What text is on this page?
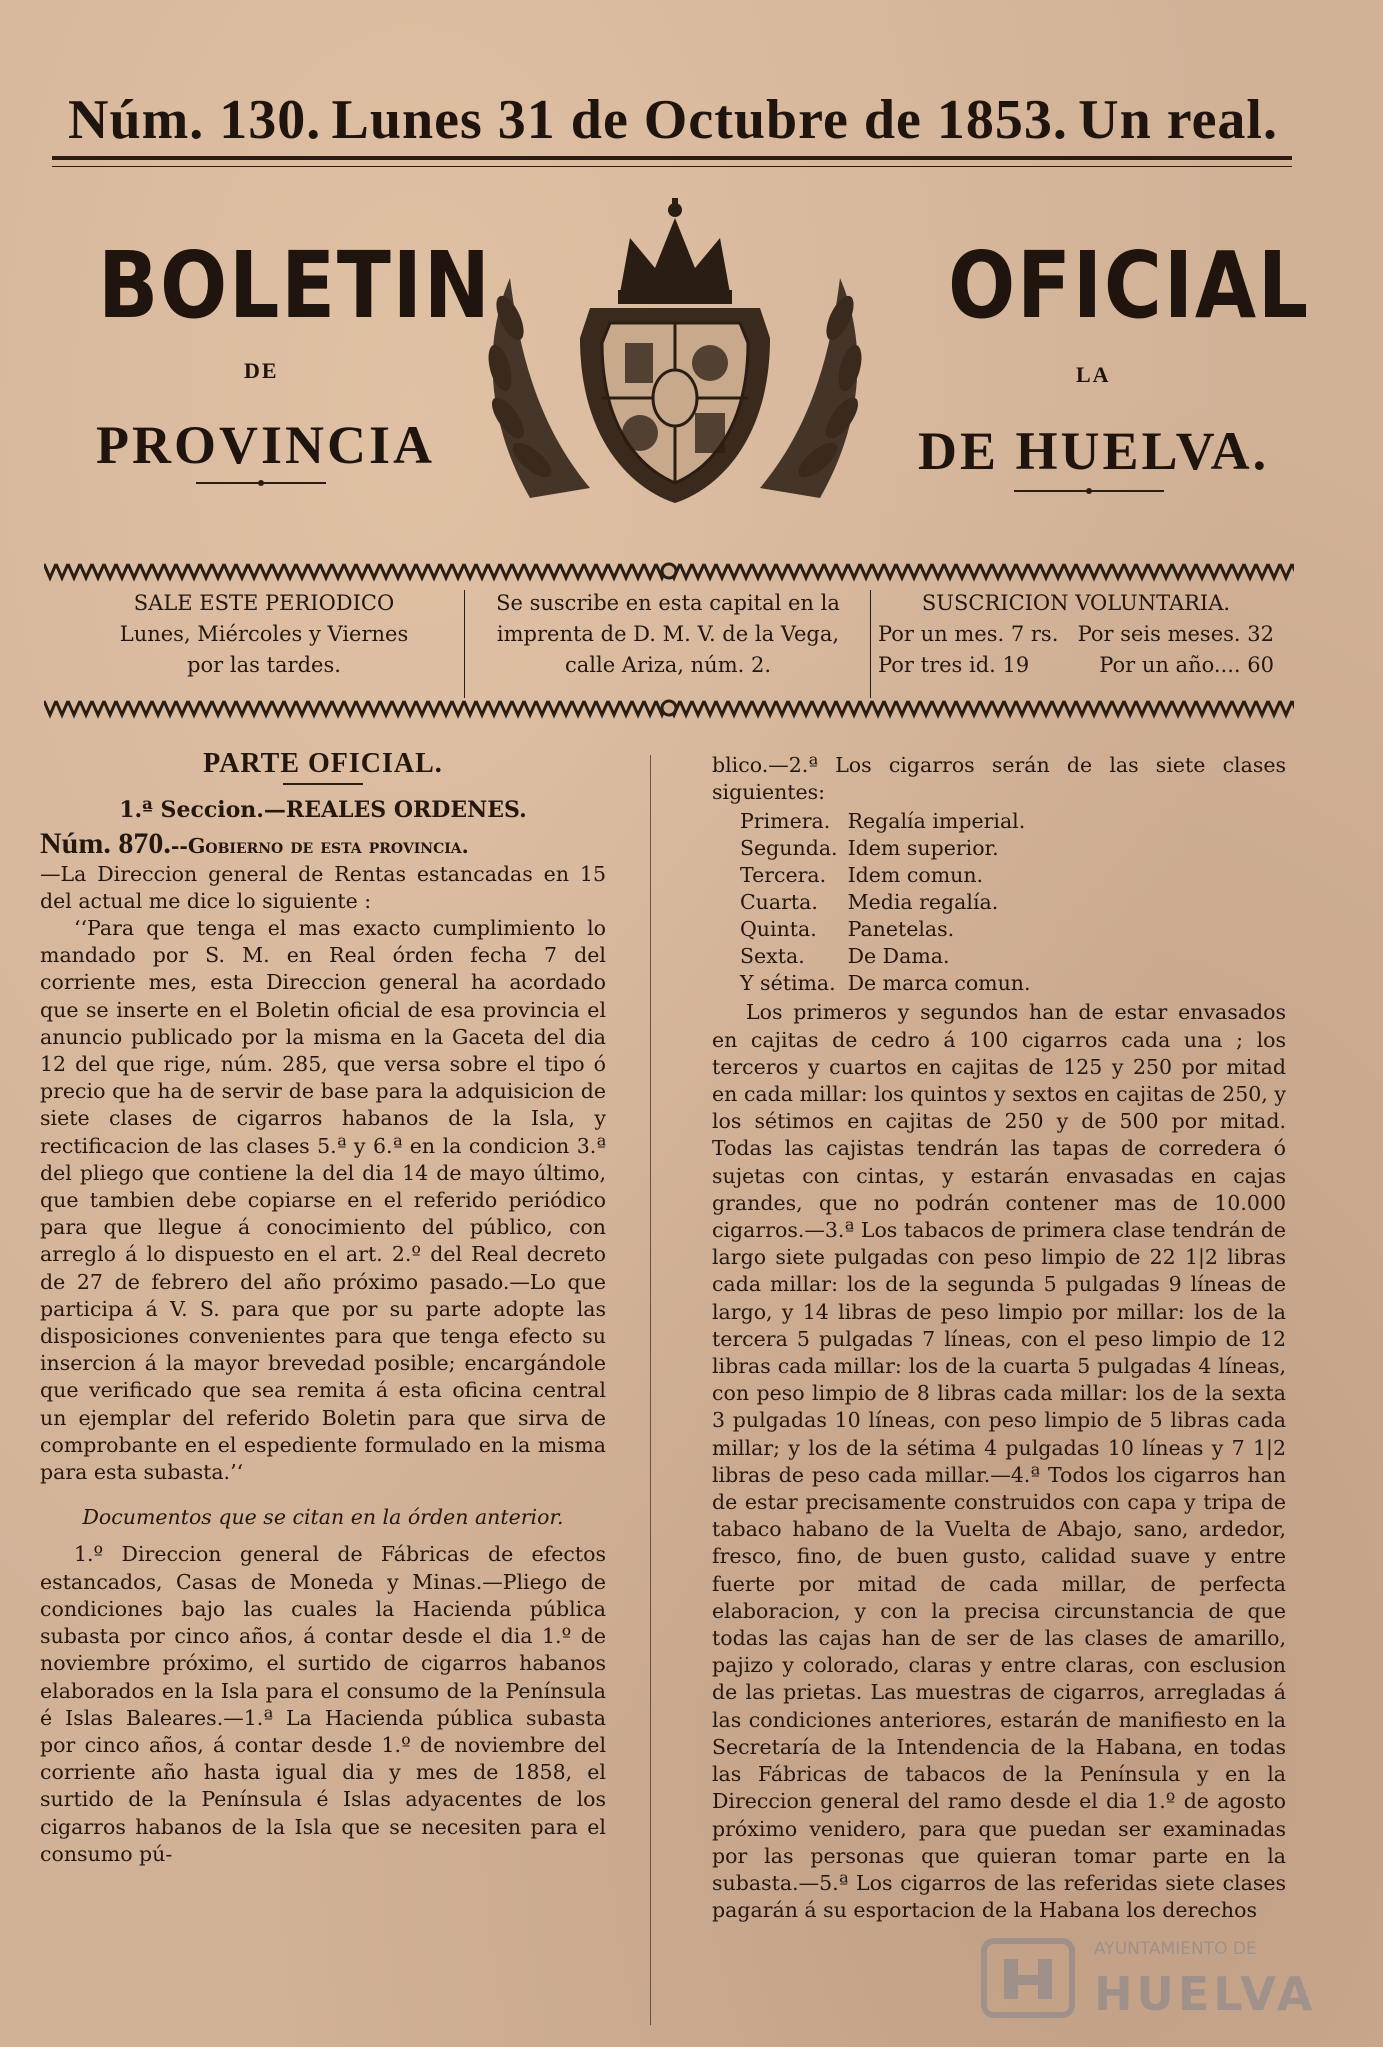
Núm. 130. Lunes 31 de Octubre de 1853. Un real.
BOLETIN
DE
PROVINCIA
OFICIAL
LA
DE HUELVA.
SALE ESTE PERIODICO
Lunes, Miércoles y Viernes
por las tardes.
Se suscribe en esta capital en la
imprenta de D. M. V. de la Vega,
calle Ariza, núm. 2.
SUSCRICION VOLUNTARIA.
Por un mes. 7 rs. Por seis meses. 32
Por tres id. 19	Por un año.... 60

PARTE OFICIAL.

1.ª Seccion.—REALES ORDENES.

Núm. 870.--Gobierno de esta provincia.

—La Direccion general de Rentas estancadas en 15 del actual me dice lo siguiente :

‘‘Para que tenga el mas exacto cumplimiento lo mandado por S. M. en Real órden fecha 7 del corriente mes, esta Direccion general ha acordado que se inserte en el Boletin oficial de esa provincia el anuncio publicado por la misma en la Gaceta del dia 12 del que rige, núm. 285, que versa sobre el tipo ó precio que ha de servir de base para la adquisicion de siete clases de cigarros habanos de la Isla, y rectificacion de las clases 5.ª y 6.ª en la condicion 3.ª del pliego que contiene la del dia 14 de mayo último, que tambien debe copiarse en el referido periódico para que llegue á conocimiento del público, con arreglo á lo dispuesto en el art. 2.º del Real decreto de 27 de febrero del año próximo pasado.—Lo que participa á V. S. para que por su parte adopte las disposiciones convenientes para que tenga efecto su insercion á la mayor brevedad posible; encargándole que verificado que sea remita á esta oficina central un ejemplar del referido Boletin para que sirva de comprobante en el espediente formulado en la misma para esta subasta.’‘

Documentos que se citan en la órden anterior.

1.º Direccion general de Fábricas de efectos estancados, Casas de Moneda y Minas.—Pliego de condiciones bajo las cuales la Hacienda pública subasta por cinco años, á contar desde el dia 1.º de noviembre próximo, el surtido de cigarros habanos elaborados en la Isla para el consumo de la Península é Islas Baleares.—1.ª La Hacienda pública subasta por cinco años, á contar desde 1.º de noviembre del corriente año hasta igual dia y mes de 1858, el surtido de la Península é Islas adyacentes de los cigarros habanos de la Isla que se necesiten para el consumo pú-

blico.—2.ª Los cigarros serán de las siete clases siguientes:

Primera.	Regalía imperial.
Segunda.	Idem superior.
Tercera.	Idem comun.
Cuarta.	Media regalía.
Quinta.	Panetelas.
Sexta.	De Dama.
Y sétima.	De marca comun.

Los primeros y segundos han de estar envasados en cajitas de cedro á 100 cigarros cada una ; los terceros y cuartos en cajitas de 125 y 250 por mitad en cada millar: los quintos y sextos en cajitas de 250, y los sétimos en cajitas de 250 y de 500 por mitad. Todas las cajistas tendrán las tapas de corredera ó sujetas con cintas, y estarán envasadas en cajas grandes, que no podrán contener mas de 10.000 cigarros.—3.ª Los tabacos de primera clase tendrán de largo siete pulgadas con peso limpio de 22 1|2 libras cada millar: los de la segunda 5 pulgadas 9 líneas de largo, y 14 libras de peso limpio por millar: los de la tercera 5 pulgadas 7 líneas, con el peso limpio de 12 libras cada millar: los de la cuarta 5 pulgadas 4 líneas, con peso limpio de 8 libras cada millar: los de la sexta 3 pulgadas 10 líneas, con peso limpio de 5 libras cada millar; y los de la sétima 4 pulgadas 10 líneas y 7 1|2 libras de peso cada millar.—4.ª Todos los cigarros han de estar precisamente construidos con capa y tripa de tabaco habano de la Vuelta de Abajo, sano, ardedor, fresco, fino, de buen gusto, calidad suave y entre fuerte por mitad de cada millar, de perfecta elaboracion, y con la precisa circunstancia de que todas las cajas han de ser de las clases de amarillo, pajizo y colorado, claras y entre claras, con esclusion de las prietas. Las muestras de cigarros, arregladas á las condiciones anteriores, estarán de manifiesto en la Secretaría de la Intendencia de la Habana, en todas las Fábricas de tabacos de la Península y en la Direccion general del ramo desde el dia 1.º de agosto próximo venidero, para que puedan ser examinadas por las personas que quieran tomar parte en la subasta.—5.ª Los cigarros de las referidas siete clases pagarán á su esportacion de la Habana los derechos

AYUNTAMIENTO DE
HUELVA
